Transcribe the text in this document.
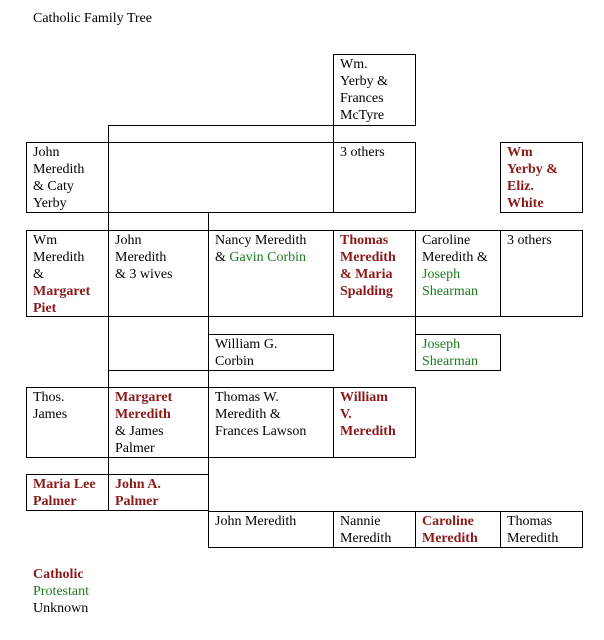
Catholic Family Tree
Wm.
Yerby &
Frances
McTyre
John
Meredith
& Caty
Yerby
3 others	Wm
Yerby &
Eliz.
White
Wm
Meredith
&
Margaret
Piet
John
Meredith
& 3 wives
Nancy Meredith
& Gavin Corbin
Thomas
Meredith
& Maria
Spalding
Caroline
Meredith &
Joseph
Shearman
3 others
William G.
Corbin
Joseph
Shearman
Thos.
James
Margaret
Meredith
& James
Palmer
Thomas W.
Meredith &
Frances Lawson
William
V.
Meredith
Maria Lee
Palmer
John A.
Palmer
John Meredith	Nannie
Meredith
Caroline
Meredith
Thomas
Meredith
Catholic
Protestant
Unknown
